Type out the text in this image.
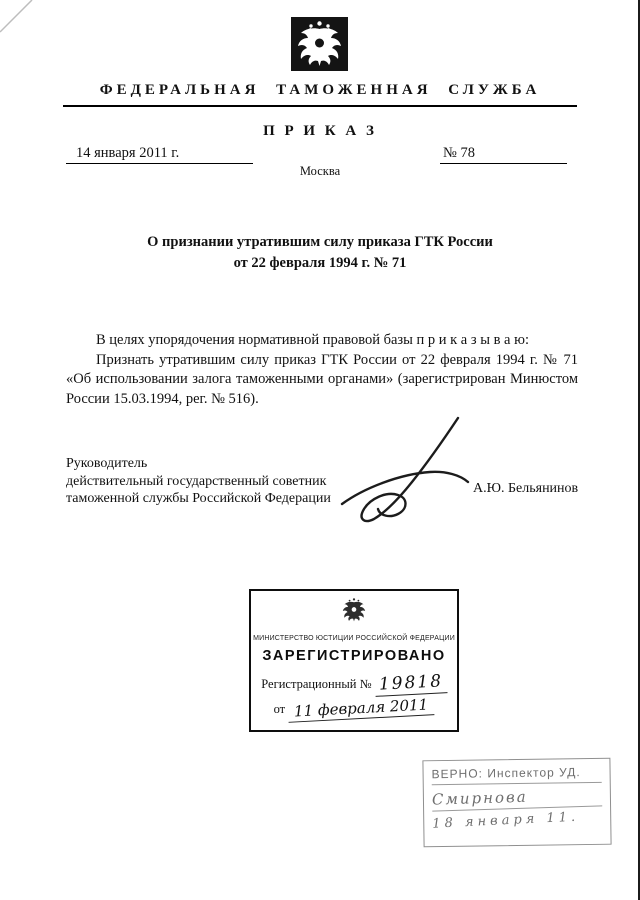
ФЕДЕРАЛЬНАЯ ТАМОЖЕННАЯ СЛУЖБА
П Р И К А З
14 января 2011 г.	№ 78
Москва
О признании утратившим силу приказа ГТК России
от 22 февраля 1994 г. № 71

В целях упорядочения нормативной правовой базы п р и к а з ы в а ю:

Признать утратившим силу приказ ГТК России от 22 февраля 1994 г. № 71 «Об использовании залога таможенными органами» (зарегистрирован Минюстом России 15.03.1994, рег. № 516).

Руководитель
действительный государственный советник
таможенной службы Российской Федерации
А.Ю. Бельянинов
МИНИСТЕРСТВО ЮСТИЦИИ РОССИЙСКОЙ ФЕДЕРАЦИИ
ЗАРЕГИСТРИРОВАНО
Регистрационный № 19818
от 11 февраля 2011
ВЕРНО: Инспектор УД.
Смирнова
18 января 11.
